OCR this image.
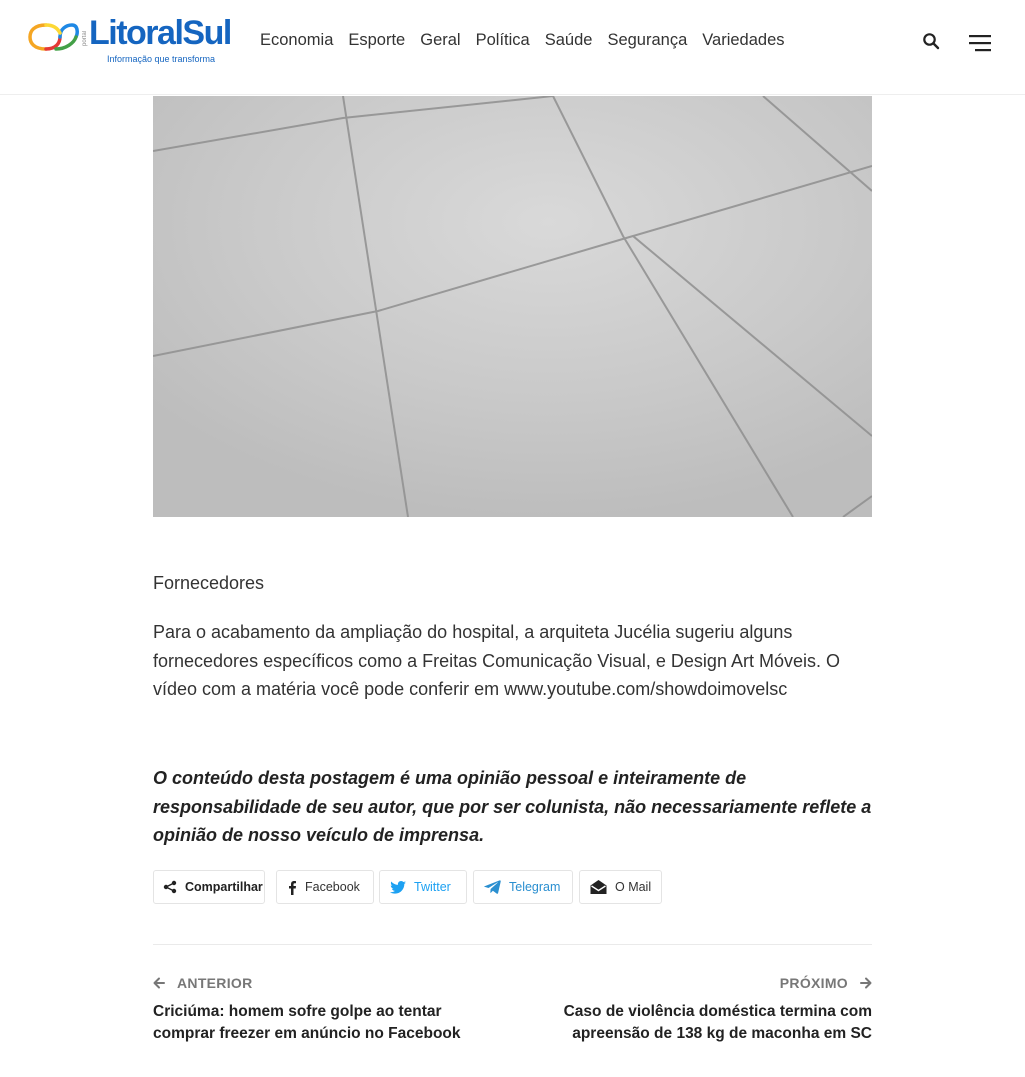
portal LitoralSul
Informação que transforma
Economia Esporte Geral Política Saúde Segurança Variedades

Fornecedores

Para o acabamento da ampliação do hospital, a arquiteta Jucélia sugeriu alguns fornecedores específicos como a Freitas Comunicação Visual, e Design Art Móveis. O vídeo com a matéria você pode conferir em www.youtube.com/showdoimovelsc

O conteúdo desta postagem é uma opinião pessoal e inteiramente de responsabilidade de seu autor, que por ser colunista, não necessariamente reflete a opinião de nosso veículo de imprensa.

Compartilhar	Facebook	Twitter	Telegram	O Mail
ANTERIOR	PRÓXIMO
Criciúma: homem sofre golpe ao tentar comprar freezer em anúncio no Facebook
Caso de violência doméstica termina com apreensão de 138 kg de maconha em SC
